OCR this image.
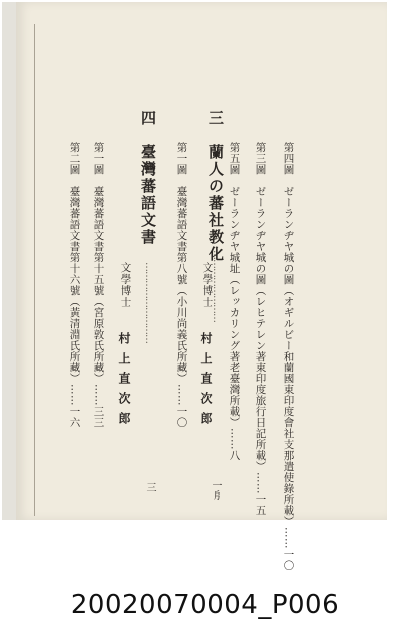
第三圖　ゼーランヂヤ城の圖（レヒテレン著東印度旅行日記所載）……一五
第四圖　ゼーランヂヤ城の圖（オギルビー和蘭國東印度會社支那遣使錄所載）……一〇
第五圖　ゼーランヂヤ城址（レッカリング著老臺灣所載）……八
三　蘭人の蕃社教化
……………………
文學博士
村上直次郎
一㐆
第一圖　臺灣蕃語文書第八號（小川尚義氏所藏）……一〇
四　臺灣蕃語文書
………………………
文學博士
村上直次郎
三
第一圖　臺灣蕃語文書第十五號（宮原敦氏所藏）……三三
第二圖　臺灣蕃語文書第十六號（黃清淵氏所藏）……一六
20020070004_P006
